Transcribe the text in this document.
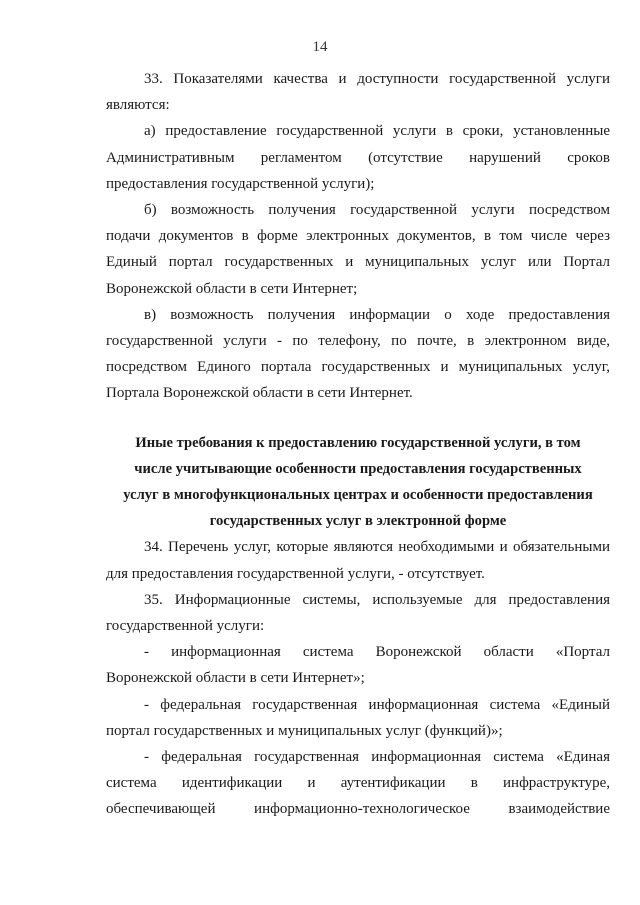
14
33. Показателями качества и доступности государственной услуги
являются:
а) предоставление государственной услуги в сроки, установленные
Административным регламентом (отсутствие нарушений сроков
предоставления государственной услуги);
б) возможность получения государственной услуги посредством
подачи документов в форме электронных документов, в том числе через
Единый портал государственных и муниципальных услуг или Портал
Воронежской области в сети Интернет;
в) возможность получения информации о ходе предоставления
государственной услуги - по телефону, по почте, в электронном виде,
посредством Единого портала государственных и муниципальных услуг,
Портала Воронежской области в сети Интернет.
Иные требования к предоставлению государственной услуги, в том
числе учитывающие особенности предоставления государственных
услуг в многофункциональных центрах и особенности предоставления
государственных услуг в электронной форме
34. Перечень услуг, которые являются необходимыми и обязательными
для предоставления государственной услуги, - отсутствует.
35. Информационные системы, используемые для предоставления
государственной услуги:
- информационная система Воронежской области «Портал
Воронежской области в сети Интернет»;
- федеральная государственная информационная система «Единый
портал государственных и муниципальных услуг (функций)»;
- федеральная государственная информационная система «Единая
система идентификации и аутентификации в инфраструктуре,
обеспечивающей информационно-технологическое взаимодействие
